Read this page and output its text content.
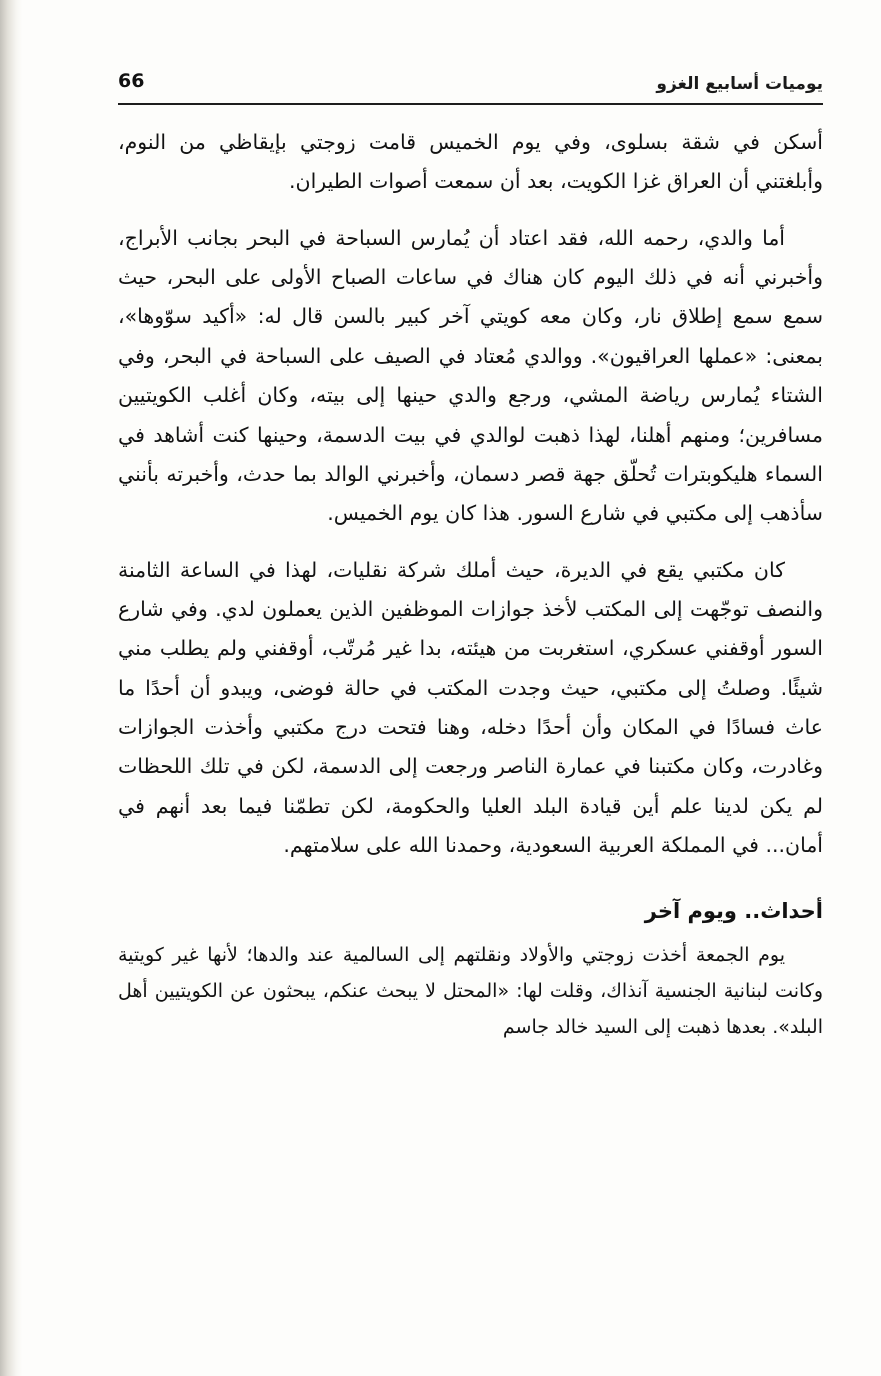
يوميات أسابيع الغزو
66

أسكن في شقة بسلوى، وفي يوم الخميس قامت زوجتي بإيقاظي من النوم، وأبلغتني أن العراق غزا الكويت، بعد أن سمعت أصوات الطيران.

أما والدي، رحمه الله، فقد اعتاد أن يُمارس السباحة في البحر بجانب الأبراج، وأخبرني أنه في ذلك اليوم كان هناك في ساعات الصباح الأولى على البحر، حيث سمع سمع إطلاق نار، وكان معه كويتي آخر كبير بالسن قال له: «أكيد سوّوها»، بمعنى: «عملها العراقيون». ووالدي مُعتاد في الصيف على السباحة في البحر، وفي الشتاء يُمارس رياضة المشي، ورجع والدي حينها إلى بيته، وكان أغلب الكويتيين مسافرين؛ ومنهم أهلنا، لهذا ذهبت لوالدي في بيت الدسمة، وحينها كنت أشاهد في السماء هليكوبترات تُحلّق جهة قصر دسمان، وأخبرني الوالد بما حدث، وأخبرته بأنني سأذهب إلى مكتبي في شارع السور. هذا كان يوم الخميس.

كان مكتبي يقع في الديرة، حيث أملك شركة نقليات، لهذا في الساعة الثامنة والنصف توجّهت إلى المكتب لأخذ جوازات الموظفين الذين يعملون لدي. وفي شارع السور أوقفني عسكري، استغربت من هيئته، بدا غير مُرتّب، أوقفني ولم يطلب مني شيئًا. وصلتُ إلى مكتبي، حيث وجدت المكتب في حالة فوضى، ويبدو أن أحدًا ما عاث فسادًا في المكان وأن أحدًا دخله، وهنا فتحت درج مكتبي وأخذت الجوازات وغادرت، وكان مكتبنا في عمارة الناصر ورجعت إلى الدسمة، لكن في تلك اللحظات لم يكن لدينا علم أين قيادة البلد العليا والحكومة، لكن تطمّنا فيما بعد أنهم في أمان... في المملكة العربية السعودية، وحمدنا الله على سلامتهم.

أحداث.. ويوم آخر

يوم الجمعة أخذت زوجتي والأولاد ونقلتهم إلى السالمية عند والدها؛ لأنها غير كويتية وكانت لبنانية الجنسية آنذاك، وقلت لها: «المحتل لا يبحث عنكم، يبحثون عن الكويتيين أهل البلد». بعدها ذهبت إلى السيد خالد جاسم
